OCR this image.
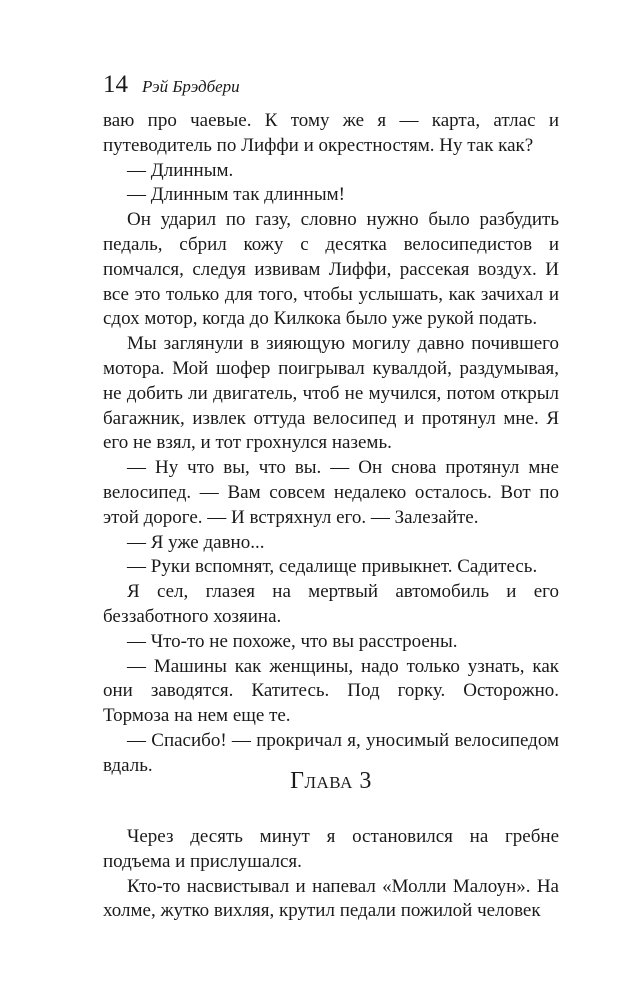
14 Рэй Брэдбери

ваю про чаевые. К тому же я — карта, атлас и путеводитель по Лиффи и окрестностям. Ну так как?

— Длинным.

— Длинным так длинным!

Он ударил по газу, словно нужно было разбудить педаль, сбрил кожу с десятка велосипедистов и помчался, следуя извивам Лиффи, рассекая воздух. И все это только для того, чтобы услышать, как зачихал и сдох мотор, когда до Килкока было уже рукой подать.

Мы заглянули в зияющую могилу давно почившего мотора. Мой шофер поигрывал кувалдой, раздумывая, не добить ли двигатель, чтоб не мучился, потом открыл багажник, извлек оттуда велосипед и протянул мне. Я его не взял, и тот грохнулся наземь.

— Ну что вы, что вы. — Он снова протянул мне велосипед. — Вам совсем недалеко осталось. Вот по этой дороге. — И встряхнул его. — Залезайте.

— Я уже давно...

— Руки вспомнят, седалище привыкнет. Садитесь.

Я сел, глазея на мертвый автомобиль и его беззаботного хозяина.

— Что-то не похоже, что вы расстроены.

— Машины как женщины, надо только узнать, как они заводятся. Катитесь. Под горку. Осторожно. Тормоза на нем еще те.

— Спасибо! — прокричал я, уносимый велосипедом вдаль.

Глава 3

Через десять минут я остановился на гребне подъема и прислушался.

Кто-то насвистывал и напевал «Молли Малоун». На холме, жутко вихляя, крутил педали пожилой человек
